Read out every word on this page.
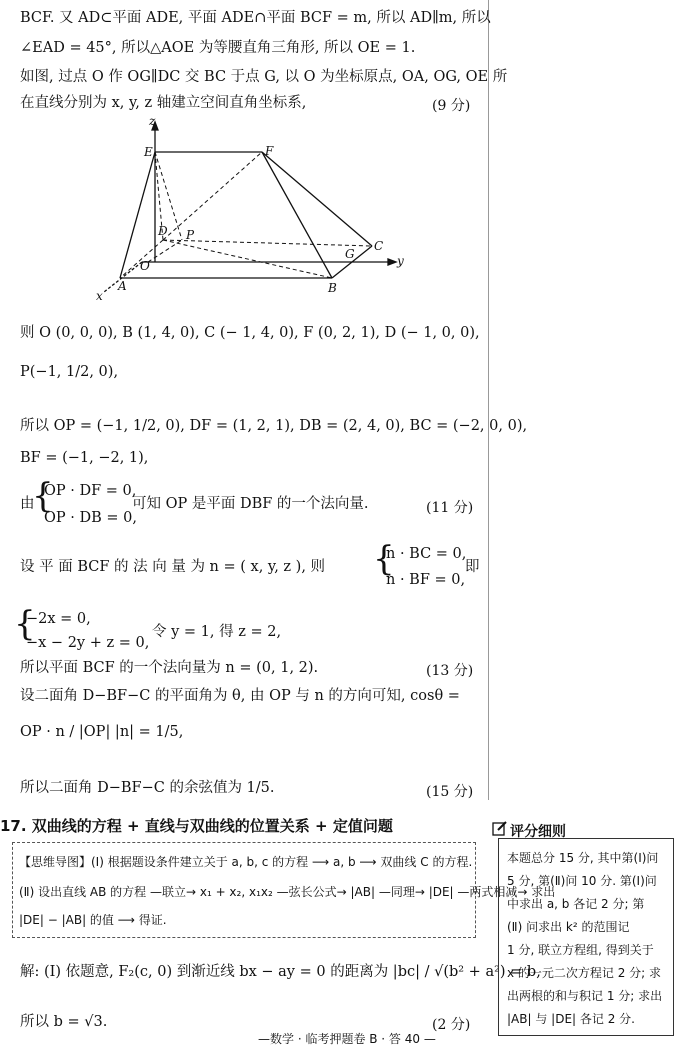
BCF. 又 AD⊂平面 ADE, 平面 ADE∩平面 BCF = m, 所以 AD∥m, 所以
∠EAD = 45°, 所以△AOE 为等腰直角三角形, 所以 OE = 1.
如图, 过点 O 作 OG∥DC 交 BC 于点 G, 以 O 为坐标原点, OA, OG, OE 所
在直线分别为 x, y, z 轴建立空间直角坐标系,	(9 分)
z
E	F
D P
O
G
C
y
A	B
x
则 O (0, 0, 0), B (1, 4, 0), C (− 1, 4, 0), F (0, 2, 1), D (− 1, 0, 0),
P(−1, 1/2, 0),
所以 OP = (−1, 1/2, 0), DF = (1, 2, 1), DB = (2, 4, 0), BC = (−2, 0, 0),
BF = (−1, −2, 1),
由
{
OP · DF = 0,
OP · DB = 0,
可知 OP 是平面 DBF 的一个法向量.	(11 分)
设 平 面 BCF 的 法 向 量 为 n = ( x, y, z ), 则 {
n · BC = 0,
n · BF = 0,
即
{
−2x = 0,
−x − 2y + z = 0,
令 y = 1, 得 z = 2,
所以平面 BCF 的一个法向量为 n = (0, 1, 2).	(13 分)
设二面角 D−BF−C 的平面角为 θ, 由 OP 与 n 的方向可知, cosθ =
OP · n / |OP| |n| = 1/5,
所以二面角 D−BF−C 的余弦值为 1/5.	(15 分)
17. 双曲线的方程 + 直线与双曲线的位置关系 + 定值问题
【思维导图】(Ⅰ) 根据题设条件建立关于 a, b, c 的方程 ⟶ a, b ⟶ 双曲线 C 的方程.
(Ⅱ) 设出直线 AB 的方程 —联立→ x₁ + x₂, x₁x₂ —弦长公式→ |AB| —同理→ |DE| —两式相减→ 求出
|DE| − |AB| 的值 ⟶ 得证.
解: (Ⅰ) 依题意, F₂(c, 0) 到渐近线 bx − ay = 0 的距离为 |bc| / √(b² + a²) = b,
所以 b = √3.	(2 分)
评分细则
本题总分 15 分, 其中第(Ⅰ)问
5 分, 第(Ⅱ)问 10 分. 第(Ⅰ)问
中求出 a, b 各记 2 分; 第
(Ⅱ) 问求出 k² 的范围记
1 分, 联立方程组, 得到关于
x 的一元二次方程记 2 分; 求
出两根的和与积记 1 分; 求出
|AB| 与 |DE| 各记 2 分.
—数学 · 临考押题卷 B · 答 40 —
